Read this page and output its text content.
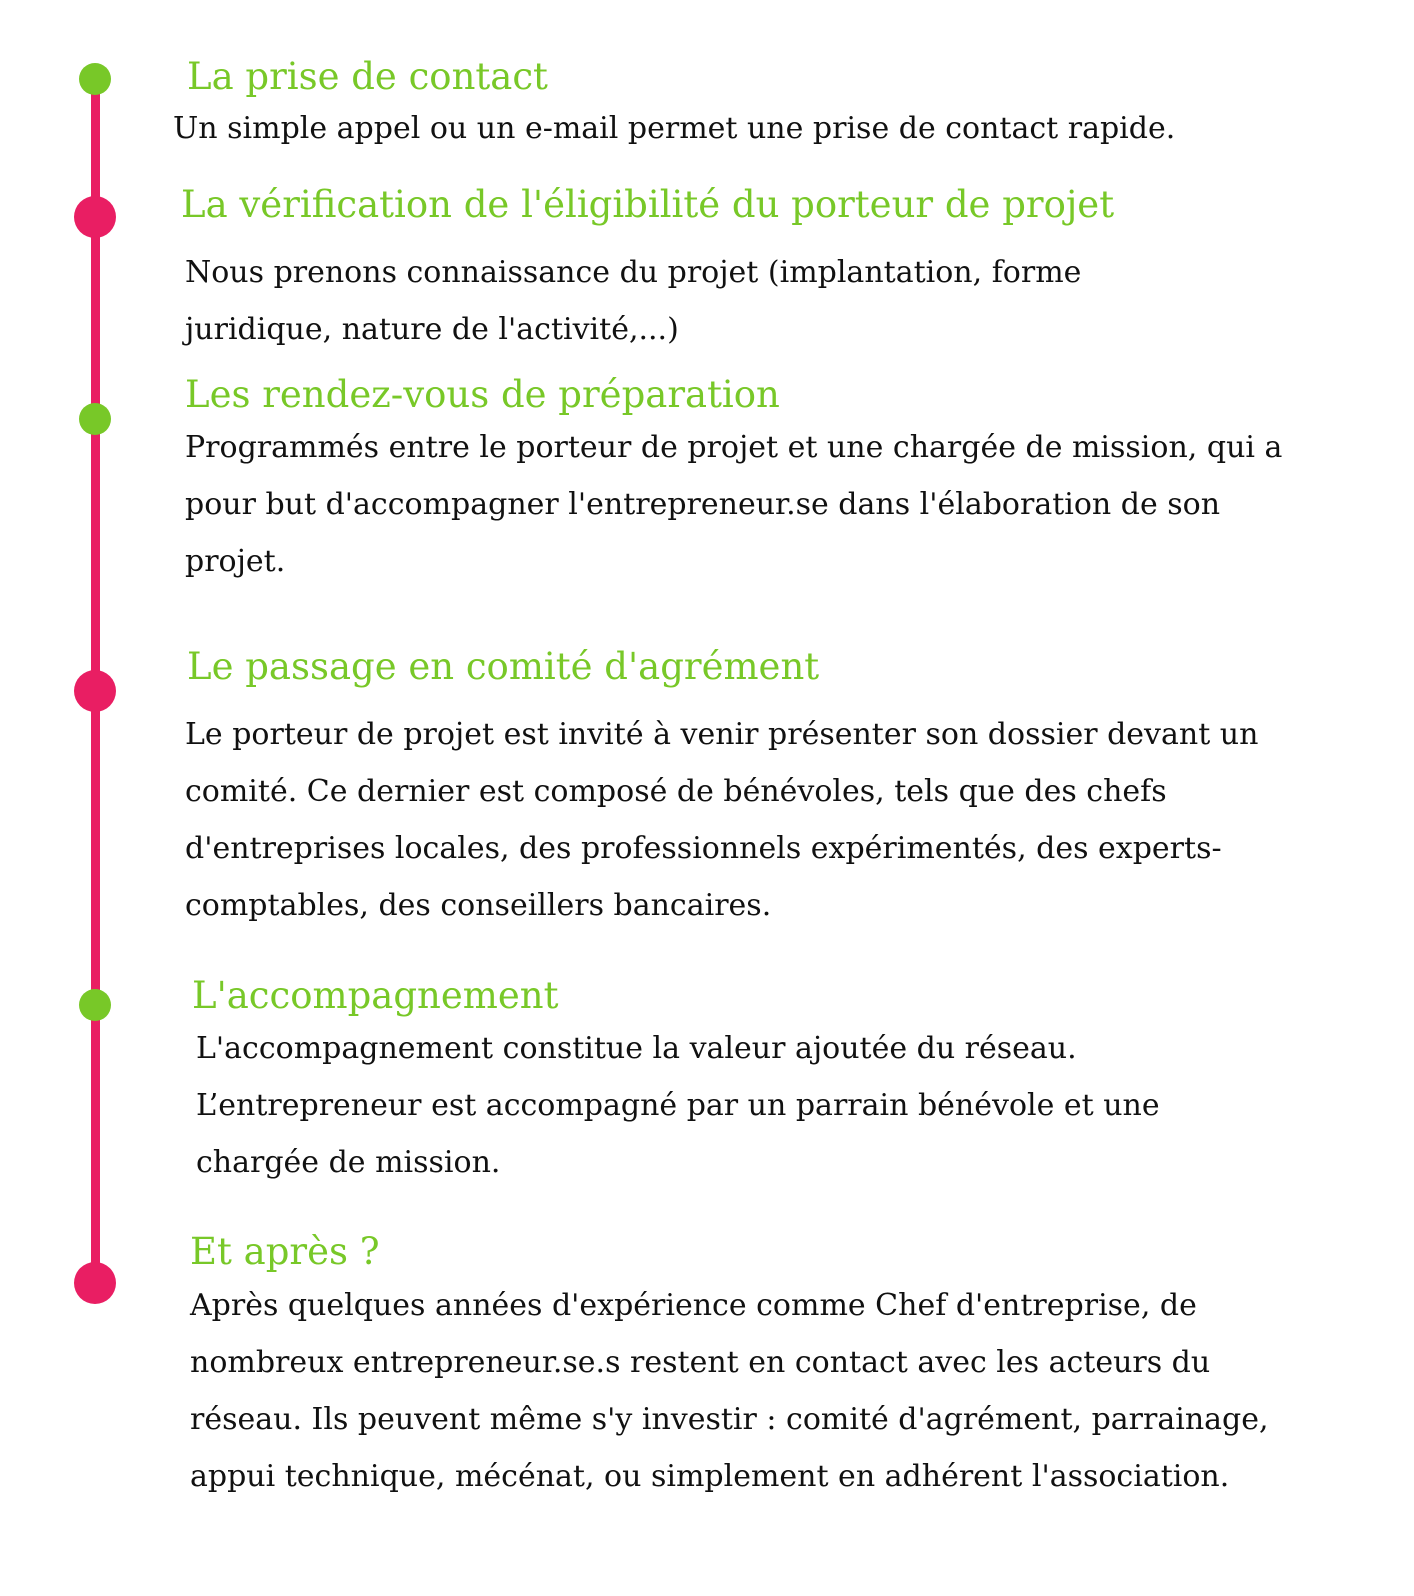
La prise de contact

Un simple appel ou un e-mail permet une prise de contact rapide.

La vérification de l'éligibilité du porteur de projet

Nous prenons connaissance du projet (implantation, forme juridique, nature de l'activité,...)

Les rendez-vous de préparation

Programmés entre le porteur de projet et une chargée de mission, qui a pour but d'accompagner l'entrepreneur.se dans l'élaboration de son projet.

Le passage en comité d'agrément

Le porteur de projet est invité à venir présenter son dossier devant un comité. Ce dernier est composé de bénévoles, tels que des chefs d'entreprises locales, des professionnels expérimentés, des experts-comptables, des conseillers bancaires.

L'accompagnement

L'accompagnement constitue la valeur ajoutée du réseau. L’entrepreneur est accompagné par un parrain bénévole et une chargée de mission.

Et après ?

Après quelques années d'expérience comme Chef d'entreprise, de nombreux entrepreneur.se.s restent en contact avec les acteurs du réseau. Ils peuvent même s'y investir : comité d'agrément, parrainage, appui technique, mécénat, ou simplement en adhérent l'association.
